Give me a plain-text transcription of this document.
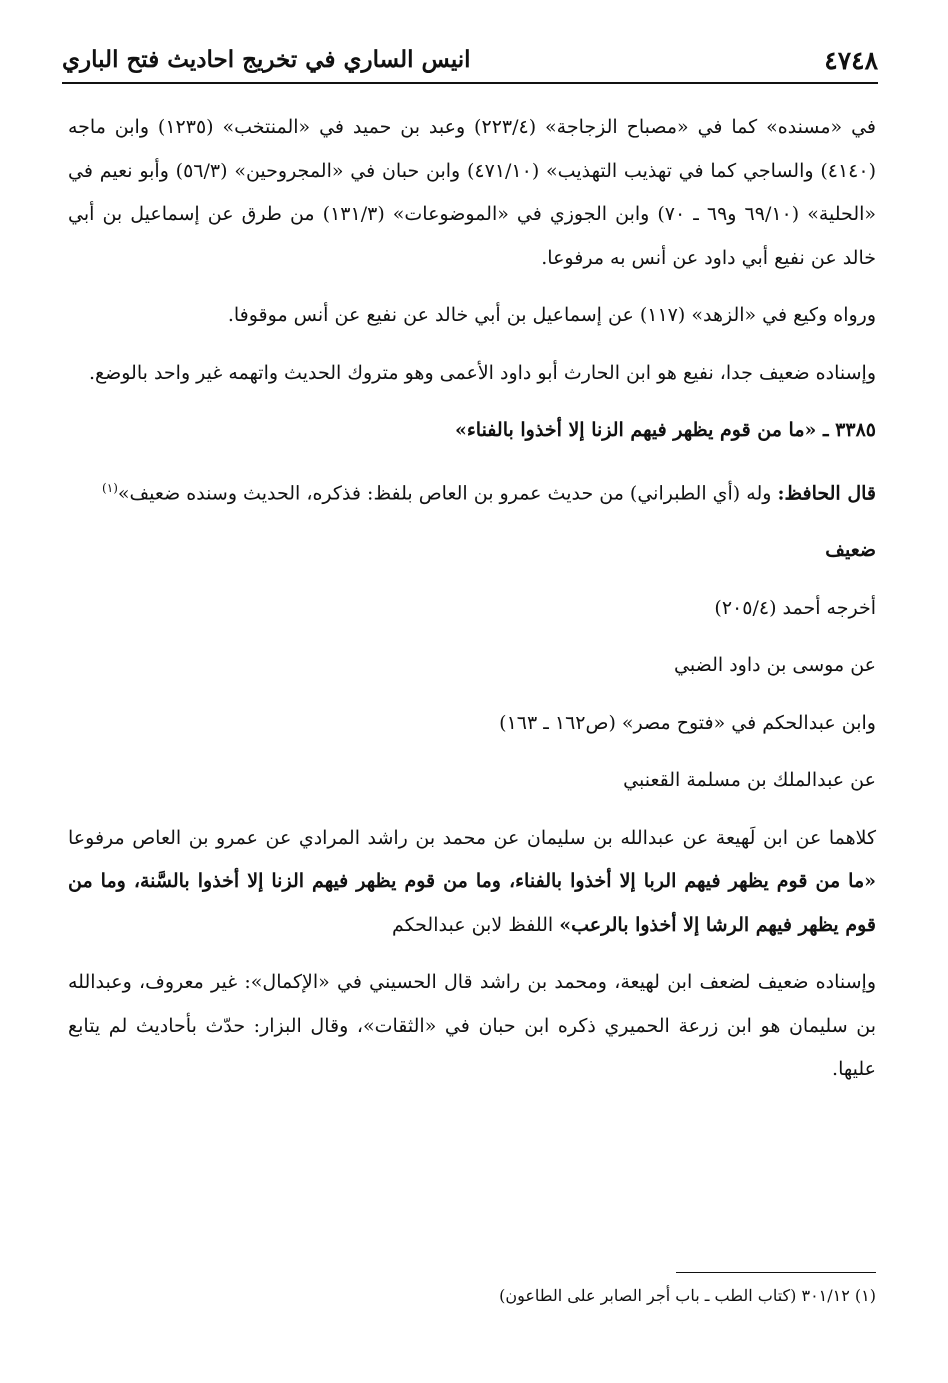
٤٧٤٨
انيس الساري في تخريج احاديث فتح الباري

في «مسنده» كما في «مصباح الزجاجة» (٢٢٣/٤) وعبد بن حميد في «المنتخب» (١٢٣٥) وابن ماجه (٤١٤٠) والساجي كما في تهذيب التهذيب» (٤٧١/١٠) وابن حبان في «المجروحين» (٥٦/٣) وأبو نعيم في «الحلية» (٦٩/١٠ و٦٩ ـ ٧٠) وابن الجوزي في «الموضوعات» (١٣١/٣) من طرق عن إسماعيل بن أبي خالد عن نفيع أبي داود عن أنس به مرفوعا.

ورواه وكيع في «الزهد» (١١٧) عن إسماعيل بن أبي خالد عن نفيع عن أنس موقوفا.

وإسناده ضعيف جدا، نفيع هو ابن الحارث أبو داود الأعمى وهو متروك الحديث واتهمه غير واحد بالوضع.

٣٣٨٥ ـ «ما من قوم يظهر فيهم الزنا إلا أخذوا بالفناء»

قال الحافظ: وله (أي الطبراني) من حديث عمرو بن العاص بلفظ: فذكره، الحديث وسنده ضعيف»$^{(١)}$

ضعيف

أخرجه أحمد (٢٠٥/٤)

عن موسى بن داود الضبي

وابن عبدالحكم في «فتوح مصر» (ص١٦٢ ـ ١٦٣)

عن عبدالملك بن مسلمة القعنبي

كلاهما عن ابن لَهيعة عن عبدالله بن سليمان عن محمد بن راشد المرادي عن عمرو بن العاص مرفوعا «ما من قوم يظهر فيهم الربا إلا أخذوا بالفناء، وما من قوم يظهر فيهم الزنا إلا أخذوا بالسَّنة، وما من قوم يظهر فيهم الرشا إلا أخذوا بالرعب» اللفظ لابن عبدالحكم

وإسناده ضعيف لضعف ابن لهيعة، ومحمد بن راشد قال الحسيني في «الإكمال»: غير معروف، وعبدالله بن سليمان هو ابن زرعة الحميري ذكره ابن حبان في «الثقات»، وقال البزار: حدّث بأحاديث لم يتابع عليها.

(١) ٣٠١/١٢ (كتاب الطب ـ باب أجر الصابر على الطاعون)
